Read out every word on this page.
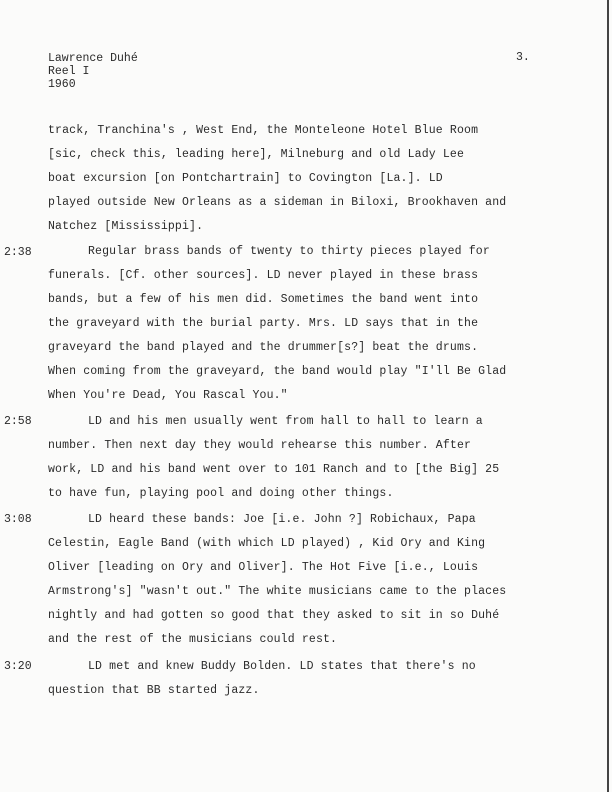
Lawrence Duhé
Reel I
1960
3.
2:38
2:58
3:08
3:20
track, Tranchina's , West End, the Monteleone Hotel Blue Room
[sic, check this, leading here], Milneburg and old Lady Lee
boat excursion [on Pontchartrain] to Covington [La.]. LD
played outside New Orleans as a sideman in Biloxi, Brookhaven and
Natchez [Mississippi].
Regular brass bands of twenty to thirty pieces played for
funerals. [Cf. other sources]. LD never played in these brass
bands, but a few of his men did. Sometimes the band went into
the graveyard with the burial party. Mrs. LD says that in the
graveyard the band played and the drummer[s?] beat the drums.
When coming from the graveyard, the band would play "I'll Be Glad
When You're Dead, You Rascal You."
LD and his men usually went from hall to hall to learn a
number. Then next day they would rehearse this number. After
work, LD and his band went over to 101 Ranch and to [the Big] 25
to have fun, playing pool and doing other things.
LD heard these bands: Joe [i.e. John ?] Robichaux, Papa
Celestin, Eagle Band (with which LD played) , Kid Ory and King
Oliver [leading on Ory and Oliver]. The Hot Five [i.e., Louis
Armstrong's] "wasn't out." The white musicians came to the places
nightly and had gotten so good that they asked to sit in so Duhé
and the rest of the musicians could rest.
LD met and knew Buddy Bolden. LD states that there's no
question that BB started jazz.
